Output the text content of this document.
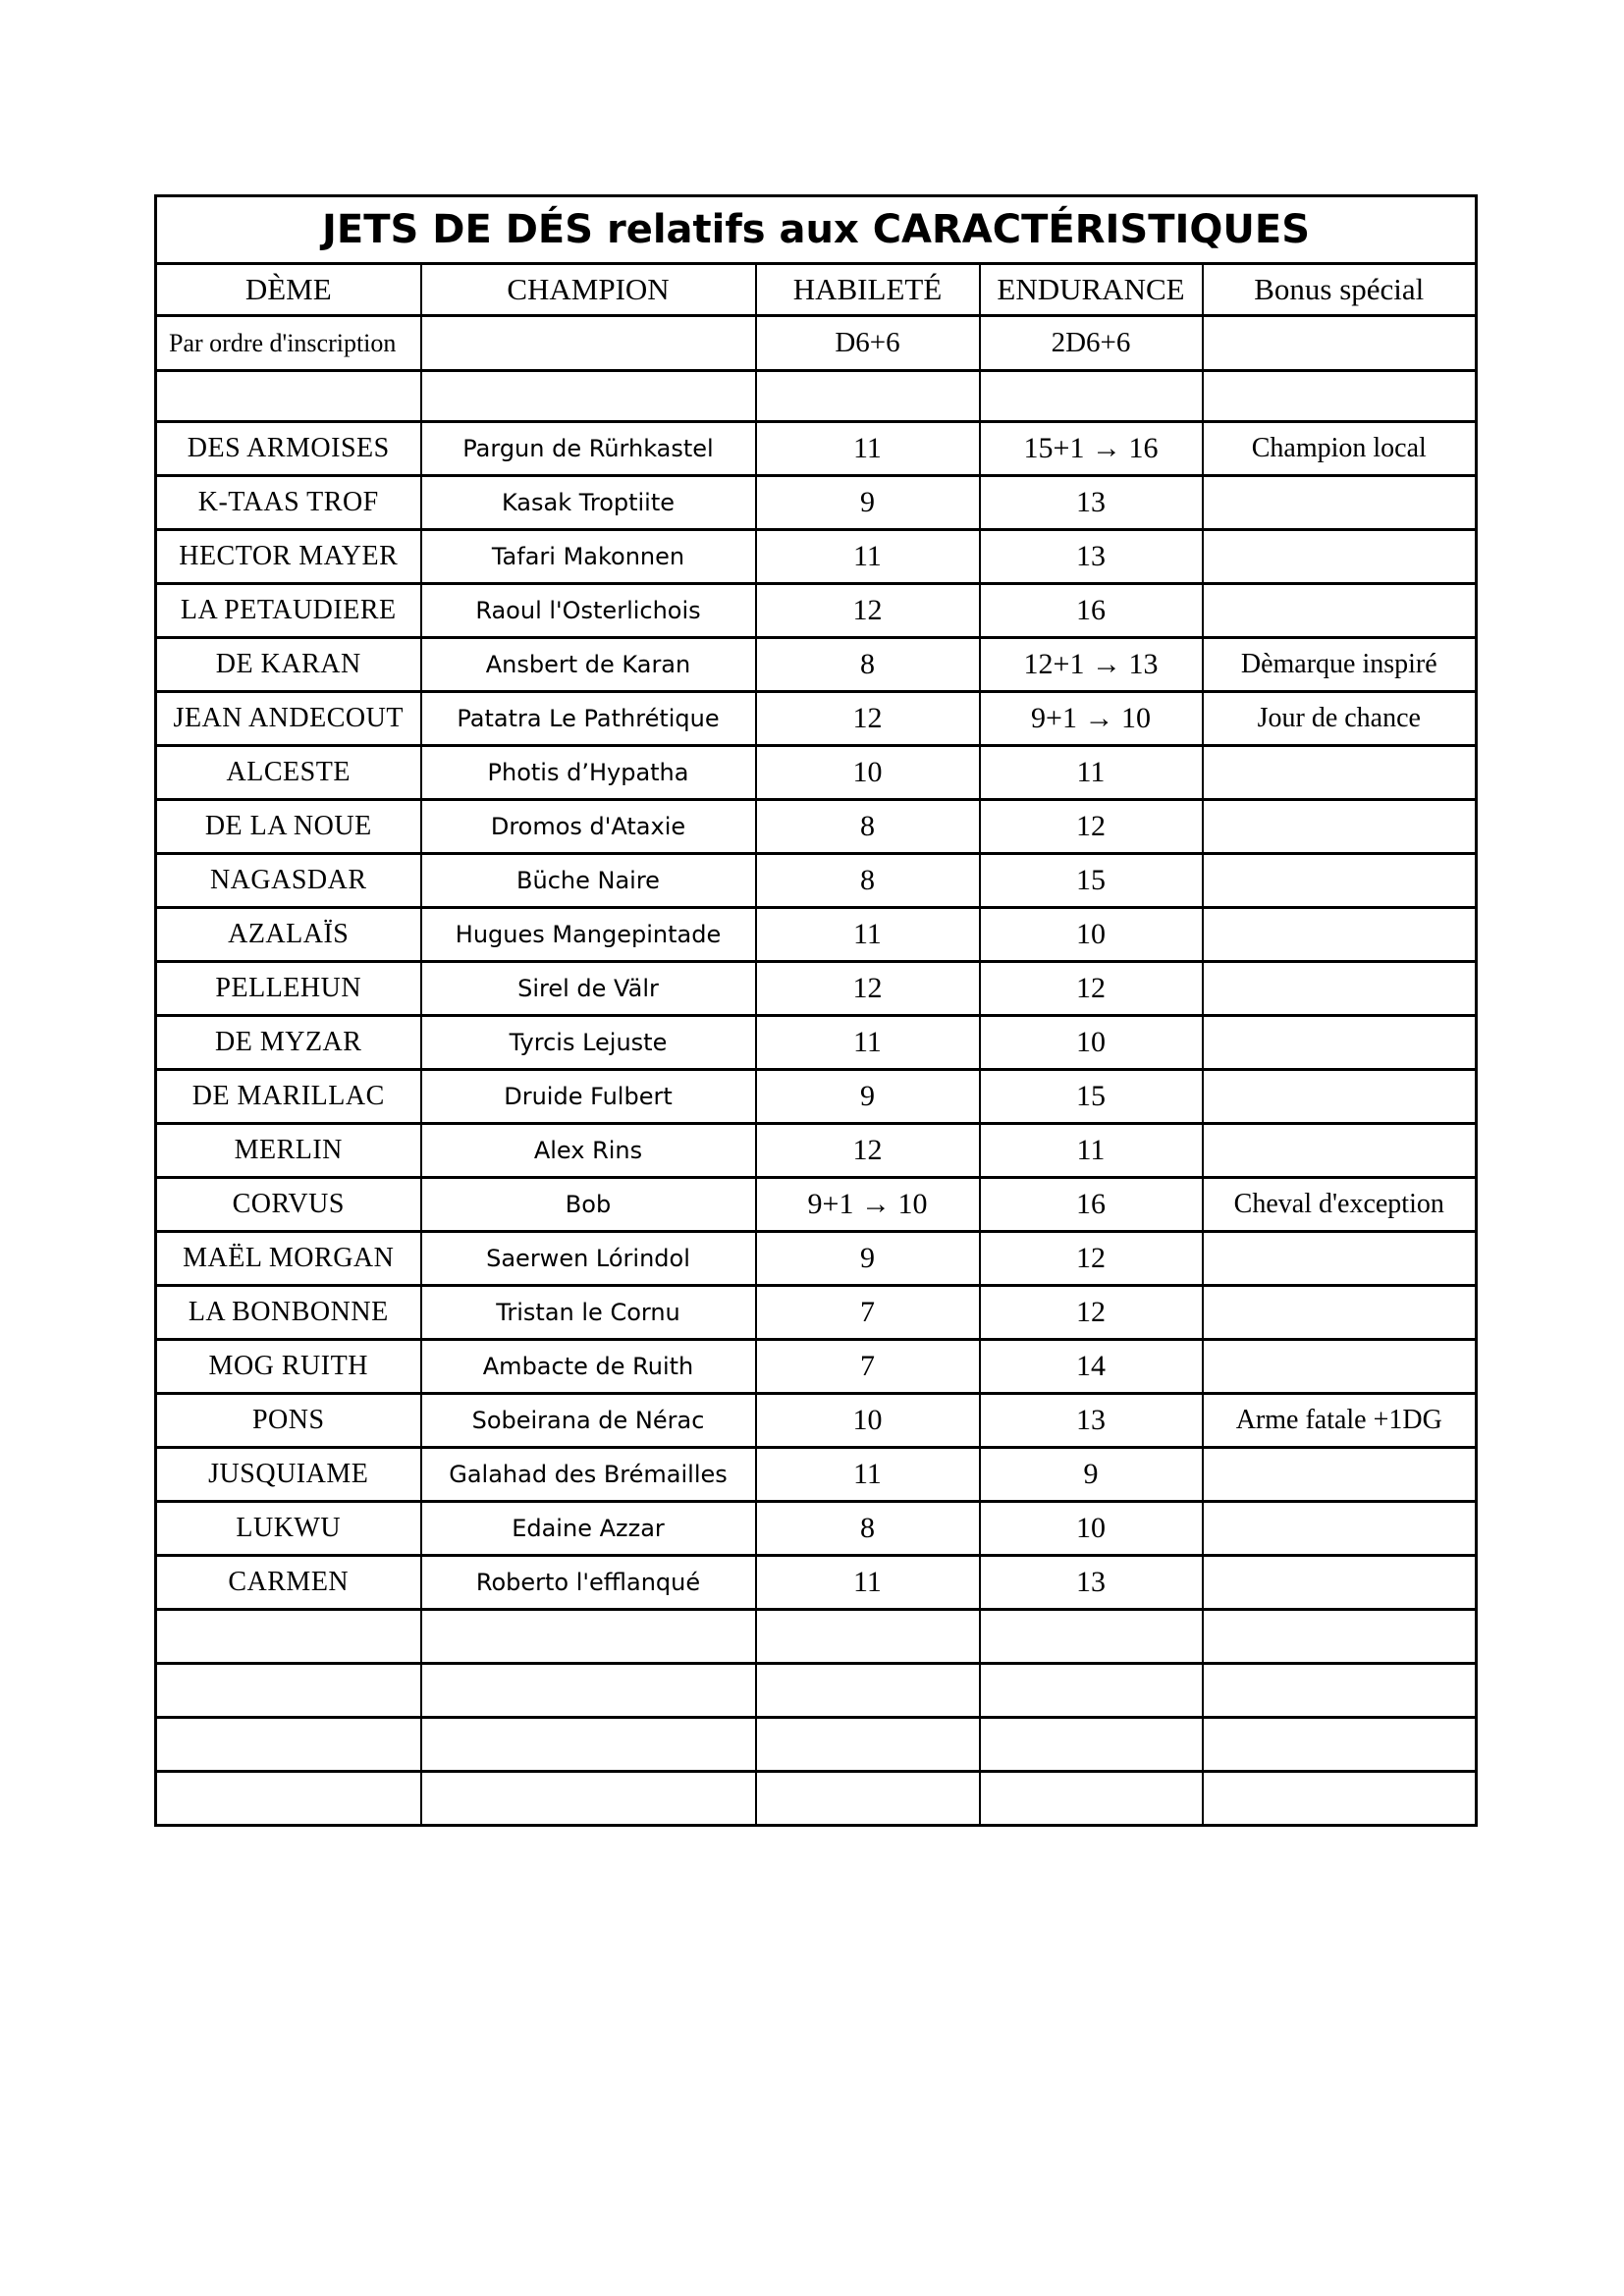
JETS DE DÉS relatifs aux CARACTÉRISTIQUES				
DÈME	CHAMPION	HABILETÉ	ENDURANCE	Bonus spécial
Par ordre d'inscription		D6+6	2D6+6	

DES ARMOISES	Pargun de Rürhkastel	11	15+1 → 16	Champion local
K-TAAS TROF	Kasak Troptiite	9	13	
HECTOR MAYER	Tafari Makonnen	11	13	
LA PETAUDIERE	Raoul l'Osterlichois	12	16	
DE KARAN	Ansbert de Karan	8	12+1 → 13	Dèmarque inspiré
JEAN ANDECOUT	Patatra Le Pathrétique	12	9+1 → 10	Jour de chance
ALCESTE	Photis d’Hypatha	10	11	
DE LA NOUE	Dromos d'Ataxie	8	12	
NAGASDAR	Büche Naire	8	15	
AZALAÏS	Hugues Mangepintade	11	10	
PELLEHUN	Sirel de Välr	12	12	
DE MYZAR	Tyrcis Lejuste	11	10	
DE MARILLAC	Druide Fulbert	9	15	
MERLIN	Alex Rins	12	11	
CORVUS	Bob	9+1 → 10	16	Cheval d'exception
MAËL MORGAN	Saerwen Lórindol	9	12	
LA BONBONNE	Tristan le Cornu	7	12	
MOG RUITH	Ambacte de Ruith	7	14	
PONS	Sobeirana de Nérac	10	13	Arme fatale +1DG
JUSQUIAME	Galahad des Brémailles	11	9	
LUKWU	Edaine Azzar	8	10	
CARMEN	Roberto l'efflanqué	11	13	
